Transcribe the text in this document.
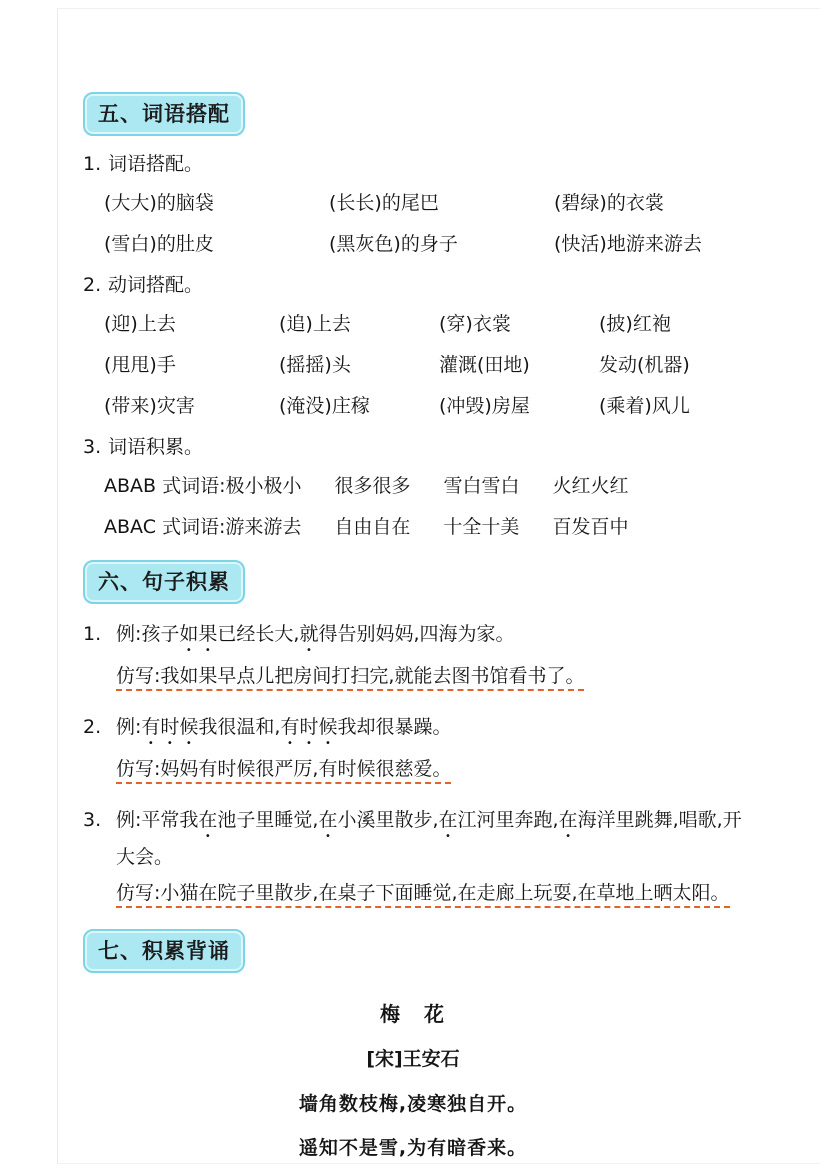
五、词语搭配
1. 词语搭配。
(大大)的脑袋	(长长)的尾巴	(碧绿)的衣裳
(雪白)的肚皮	(黑灰色)的身子	(快活)地游来游去
2. 动词搭配。
(迎)上去	(追)上去	(穿)衣裳	(披)红袍
(甩甩)手	(摇摇)头	灌溉(田地)	发动(机器)
(带来)灾害	(淹没)庄稼	(冲毁)房屋	(乘着)风儿
3. 词语积累。
ABAB 式词语:极小极小 很多很多 雪白雪白 火红火红
ABAC 式词语:游来游去 自由自在 十全十美 百发百中
六、句子积累
1. 例:孩子如果已经长大,就得告别妈妈,四海为家。
仿写:我如果早点儿把房间打扫完,就能去图书馆看书了。
2. 例:有时候我很温和,有时候我却很暴躁。
仿写:妈妈有时候很严厉,有时候很慈爱。
3. 例:平常我在池子里睡觉,在小溪里散步,在江河里奔跑,在海洋里跳舞,唱歌,开大会。
仿写:小猫在院子里散步,在桌子下面睡觉,在走廊上玩耍,在草地上晒太阳。
七、积累背诵
梅　花
[宋]王安石
墙角数枝梅,凌寒独自开。
遥知不是雪,为有暗香来。
